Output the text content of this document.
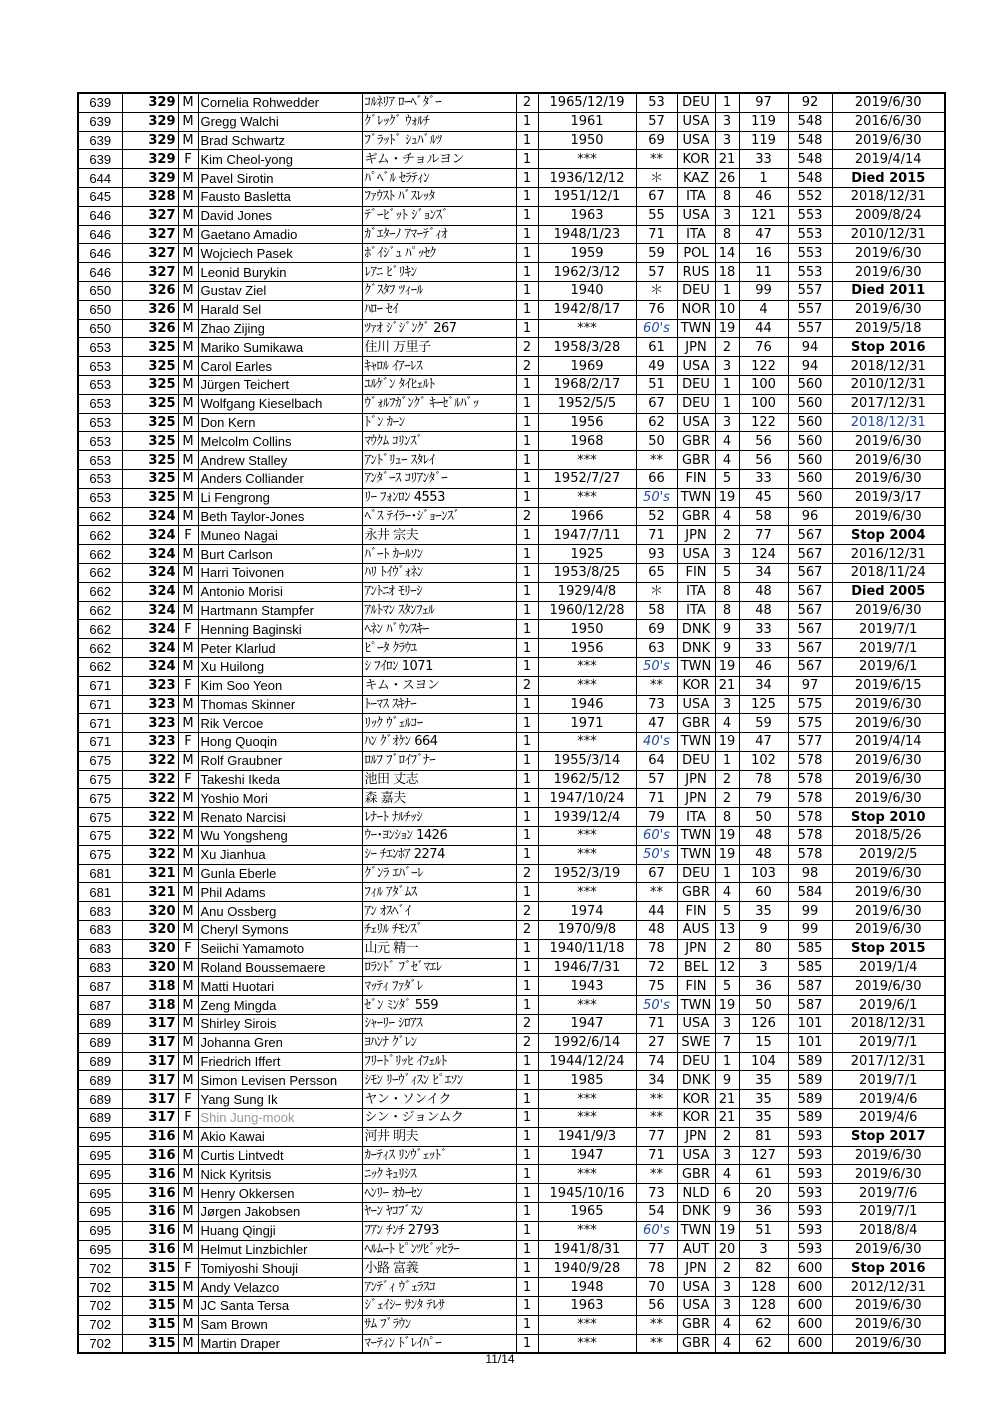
639	329	M	Cornelia Rohwedder	ｺﾙﾈﾘｱ ﾛｰﾍﾞﾀﾞｰ	2	1965/12/19	53	DEU	1	97	92	2019/6/30
639	329	M	Gregg Walchi	ｸﾞﾚｯｸﾞ ｳｫﾙﾁ	1	1961	57	USA	3	119	548	2016/6/30
639	329	M	Brad Schwartz	ﾌﾞﾗｯﾄﾞ ｼｭﾊﾞﾙﾂ	1	1950	69	USA	3	119	548	2019/6/30
639	329	F	Kim Cheol-yong	ギム・チョルヨン	1	***	**	KOR	21	33	548	2019/4/14
644	329	M	Pavel Sirotin	ﾊﾟﾍﾞﾙ ｾﾗﾃｨﾝ	1	1936/12/12	＊	KAZ	26	1	548	Died 2015
645	328	M	Fausto Basletta	ﾌｧｳｽﾄ ﾊﾞｽﾚｯﾀ	1	1951/12/1	67	ITA	8	46	552	2018/12/31
646	327	M	David Jones	ﾃﾞｰﾋﾞｯﾄ ｼﾞｮﾝｽﾞ	1	1963	55	USA	3	121	553	2009/8/24
646	327	M	Gaetano Amadio	ｶﾞｴﾀｰﾉ ｱﾏｰﾃﾞｨｵ	1	1948/1/23	71	ITA	8	47	553	2010/12/31
646	327	M	Wojciech Pasek	ﾎﾞｲｼﾞｭ ﾊﾟｯｾｸ	1	1959	59	POL	14	16	553	2019/6/30
646	327	M	Leonid Burykin	ﾚｱﾆ ﾋﾞﾘｷﾝ	1	1962/3/12	57	RUS	18	11	553	2019/6/30
650	326	M	Gustav Ziel	ｸﾞｽﾀﾌ ﾂｨｰﾙ	1	1940	＊	DEU	1	99	557	Died 2011
650	326	M	Harald Sel	ﾊﾛｰ ｾｲ	1	1942/8/17	76	NOR	10	4	557	2019/6/30
650	326	M	Zhao Zijing	ﾂｧｵ ｼﾞｼﾞﾝｸﾞ 267	1	***	60's	TWN	19	44	557	2019/5/18
653	325	M	Mariko Sumikawa	住川 万里子	2	1958/3/28	61	JPN	2	76	94	Stop 2016
653	325	M	Carol Earles	ｷｬﾛﾙ ｲｱｰﾚｽ	2	1969	49	USA	3	122	94	2018/12/31
653	325	M	Jürgen Teichert	ﾕﾙｹﾞﾝ ﾀｲﾋｪﾙﾄ	1	1968/2/17	51	DEU	1	100	560	2010/12/31
653	325	M	Wolfgang Kieselbach	ｳﾞｫﾙﾌｶﾞﾝｸﾞ ｷｰｾﾞﾙﾊﾞｯ	1	1952/5/5	67	DEU	1	100	560	2017/12/31
653	325	M	Don Kern	ﾄﾞﾝ ｶｰﾝ	1	1956	62	USA	3	122	560	2018/12/31
653	325	M	Melcolm Collins	ﾏｳｸﾑ ｺﾘﾝｽﾞ	1	1968	50	GBR	4	56	560	2019/6/30
653	325	M	Andrew Stalley	ｱﾝﾄﾞﾘｭｰ ｽﾀﾚｲ	1	***	**	GBR	4	56	560	2019/6/30
653	325	M	Anders Colliander	ｱﾝﾀﾞｰｽ ｺﾘｱﾝﾀﾞｰ	1	1952/7/27	66	FIN	5	33	560	2019/6/30
653	325	M	Li Fengrong	ﾘｰ ﾌｫﾝﾛﾝ 4553	1	***	50's	TWN	19	45	560	2019/3/17
662	324	M	Beth Taylor-Jones	ﾍﾞｽ ﾃｲﾗｰ･ｼﾞｮｰﾝｽﾞ	2	1966	52	GBR	4	58	96	2019/6/30
662	324	F	Muneo Nagai	永井 宗夫	1	1947/7/11	71	JPN	2	77	567	Stop 2004
662	324	M	Burt Carlson	ﾊﾞｰﾄ ｶｰﾙｿﾝ	1	1925	93	USA	3	124	567	2016/12/31
662	324	M	Harri Toivonen	ﾊﾘ ﾄｲｳﾞｫﾈﾝ	1	1953/8/25	65	FIN	5	34	567	2018/11/24
662	324	M	Antonio Morisi	ｱﾝﾄﾆｵ ﾓﾘｰｼ	1	1929/4/8	＊	ITA	8	48	567	Died 2005
662	324	M	Hartmann Stampfer	ｱﾙﾄﾏﾝ ｽﾀﾝﾌｪﾙ	1	1960/12/28	58	ITA	8	48	567	2019/6/30
662	324	F	Henning Baginski	ﾍﾈﾝ ﾊﾞｳﾝｽｷｰ	1	1950	69	DNK	9	33	567	2019/7/1
662	324	M	Peter Klarlud	ﾋﾟｰﾀ ｸﾗｳﾕ	1	1956	63	DNK	9	33	567	2019/7/1
662	324	M	Xu Huilong	ｼ ﾌｲﾛﾝ 1071	1	***	50's	TWN	19	46	567	2019/6/1
671	323	F	Kim Soo Yeon	キム・スヨン	2	***	**	KOR	21	34	97	2019/6/15
671	323	M	Thomas Skinner	ﾄｰﾏｽ ｽｷﾅｰ	1	1946	73	USA	3	125	575	2019/6/30
671	323	M	Rik Vercoe	ﾘｯｸ ｳﾞｪﾙｺｰ	1	1971	47	GBR	4	59	575	2019/6/30
671	323	F	Hong Quoqin	ﾊﾝ ｸﾞｵｹﾝ 664	1	***	40's	TWN	19	47	577	2019/4/14
675	322	M	Rolf Graubner	ﾛﾙﾌ ﾌﾞﾛｲﾌﾞﾅｰ	1	1955/3/14	64	DEU	1	102	578	2019/6/30
675	322	F	Takeshi Ikeda	池田 丈志	1	1962/5/12	57	JPN	2	78	578	2019/6/30
675	322	M	Yoshio Mori	森 嘉夫	1	1947/10/24	71	JPN	2	79	578	2019/6/30
675	322	M	Renato Narcisi	ﾚﾅｰﾄ ﾅﾙﾁｯｼ	1	1939/12/4	79	ITA	8	50	578	Stop 2010
675	322	M	Wu Yongsheng	ｳｰ･ﾖﾝｼｮﾝ 1426	1	***	60's	TWN	19	48	578	2018/5/26
675	322	M	Xu Jianhua	ｼｰ ﾁｴﾝﾎｱ 2274	1	***	50's	TWN	19	48	578	2019/2/5
681	321	M	Gunla Eberle	ｸﾞﾝﾗ ｴﾊﾞｰﾚ	2	1952/3/19	67	DEU	1	103	98	2019/6/30
681	321	M	Phil Adams	ﾌｨﾙ ｱﾀﾞﾑｽ	1	***	**	GBR	4	60	584	2019/6/30
683	320	M	Anu Ossberg	ｱﾝ ｵｽﾍﾞｲ	2	1974	44	FIN	5	35	99	2019/6/30
683	320	M	Cheryl Symons	ﾁｪﾘﾙ ﾁﾓﾝｽﾞ	2	1970/9/8	48	AUS	13	9	99	2019/6/30
683	320	F	Seiichi Yamamoto	山元 精一	1	1940/11/18	78	JPN	2	80	585	Stop 2015
683	320	M	Roland Boussemaere	ﾛﾗﾝﾄﾞ ﾌﾞｾﾞﾏｴﾚ	1	1946/7/31	72	BEL	12	3	585	2019/1/4
687	318	M	Matti Huotari	ﾏｯﾃｨ ﾌｧﾀﾞﾚ	1	1943	75	FIN	5	36	587	2019/6/30
687	318	M	Zeng Mingda	ｾﾞﾝ ﾐﾝﾀﾞ 559	1	***	50's	TWN	19	50	587	2019/6/1
689	317	M	Shirley Sirois	ｼｬｰﾘｰ ｼﾛｱｽ	2	1947	71	USA	3	126	101	2018/12/31
689	317	M	Johanna Gren	ﾖﾊﾝﾅ ｸﾞﾚﾝ	2	1992/6/14	27	SWE	7	15	101	2019/7/1
689	317	M	Friedrich Iffert	ﾌﾘｰﾄﾞﾘｯﾋ ｲﾌｪﾙﾄ	1	1944/12/24	74	DEU	1	104	589	2017/12/31
689	317	M	Simon Levisen Persson	ｼﾓﾝ ﾘｰｳﾞｨｽﾝ ﾋﾟｴｿﾝ	1	1985	34	DNK	9	35	589	2019/7/1
689	317	F	Yang Sung Ik	ヤン・ソンイク	1	***	**	KOR	21	35	589	2019/4/6
689	317	F	Shin Jung-mook	シン・ジョンムク	1	***	**	KOR	21	35	589	2019/4/6
695	316	M	Akio Kawai	河井 明夫	1	1941/9/3	77	JPN	2	81	593	Stop 2017
695	316	M	Curtis Lintvedt	ｶｰﾃｨｽ ﾘﾝｳﾞｪｯﾄﾞ	1	1947	71	USA	3	127	593	2019/6/30
695	316	M	Nick Kyritsis	ﾆｯｸ ｷｭﾘｼｽ	1	***	**	GBR	4	61	593	2019/6/30
695	316	M	Henry Okkersen	ﾍﾝﾘｰ ｵｶｰｾﾝ	1	1945/10/16	73	NLD	6	20	593	2019/7/6
695	316	M	Jørgen Jakobsen	ﾔｰﾝ ﾔｺﾌﾞｽﾝ	1	1965	54	DNK	9	36	593	2019/7/1
695	316	M	Huang Qingji	ﾌｱﾝ ﾁﾝﾁ 2793	1	***	60's	TWN	19	51	593	2018/8/4
695	316	M	Helmut Linzbichler	ﾍﾙﾑｰﾄ ﾋﾟﾝﾂﾋﾞｯﾋﾗｰ	1	1941/8/31	77	AUT	20	3	593	2019/6/30
702	315	F	Tomiyoshi Shouji	小路 富義	1	1940/9/28	78	JPN	2	82	600	Stop 2016
702	315	M	Andy Velazco	ｱﾝﾃﾞｨ ｳﾞｪﾗｽｺ	1	1948	70	USA	3	128	600	2012/12/31
702	315	M	JC Santa Tersa	ｼﾞｪｲｼｰ ｻﾝﾀ ﾃﾚｻ	1	1963	56	USA	3	128	600	2019/6/30
702	315	M	Sam Brown	ｻﾑ ﾌﾞﾗｳﾝ	1	***	**	GBR	4	62	600	2019/6/30
702	315	M	Martin Draper	ﾏｰﾃｨﾝ ﾄﾞﾚｲﾊﾟｰ	1	***	**	GBR	4	62	600	2019/6/30
11/14
